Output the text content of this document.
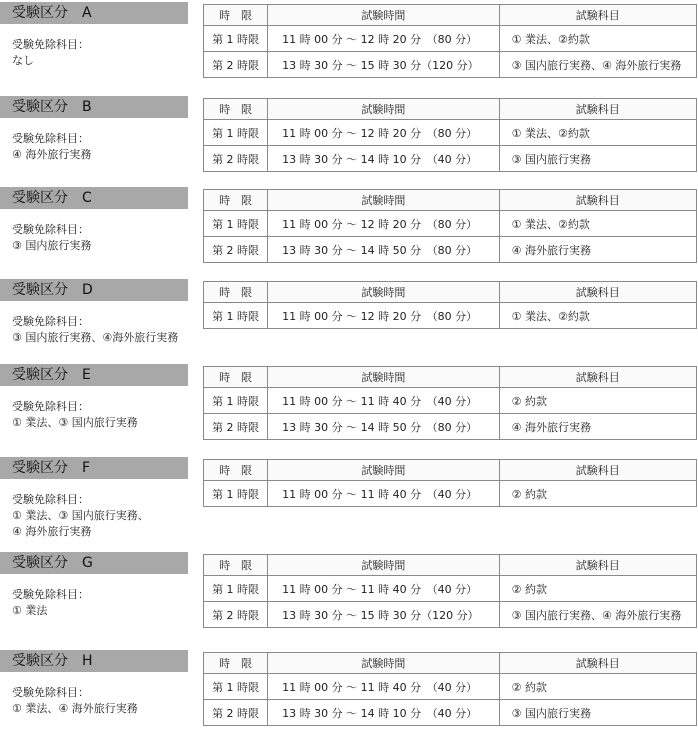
受験区分　A
受験免除科目：
なし
時　限	試験時間	試験科目
第 1 時限	11 時 00 分 ～ 12 時 20 分　（80 分）	① 業法、②約款
第 2 時限	13 時 30 分 ～ 15 時 30 分（120 分）	③ 国内旅行実務、④ 海外旅行実務
受験区分　B
受験免除科目：
④ 海外旅行実務
時　限	試験時間	試験科目
第 1 時限	11 時 00 分 ～ 12 時 20 分　（80 分）	① 業法、②約款
第 2 時限	13 時 30 分 ～ 14 時 10 分　（40 分）	③ 国内旅行実務
受験区分　C
受験免除科目：
③ 国内旅行実務
時　限	試験時間	試験科目
第 1 時限	11 時 00 分 ～ 12 時 20 分　（80 分）	① 業法、②約款
第 2 時限	13 時 30 分 ～ 14 時 50 分　（80 分）	④ 海外旅行実務
受験区分　D
受験免除科目：
③ 国内旅行実務、④海外旅行実務
時　限	試験時間	試験科目
第 1 時限	11 時 00 分 ～ 12 時 20 分　（80 分）	① 業法、②約款
受験区分　E
受験免除科目：
① 業法、③ 国内旅行実務
時　限	試験時間	試験科目
第 1 時限	11 時 00 分 ～ 11 時 40 分　（40 分）	② 約款
第 2 時限	13 時 30 分 ～ 14 時 50 分　（80 分）	④ 海外旅行実務
受験区分　F
受験免除科目：
① 業法、③ 国内旅行実務、
④ 海外旅行実務
時　限	試験時間	試験科目
第 1 時限	11 時 00 分 ～ 11 時 40 分　（40 分）	② 約款
受験区分　G
受験免除科目：
① 業法
時　限	試験時間	試験科目
第 1 時限	11 時 00 分 ～ 11 時 40 分　（40 分）	② 約款
第 2 時限	13 時 30 分 ～ 15 時 30 分（120 分）	③ 国内旅行実務、④ 海外旅行実務
受験区分　H
受験免除科目：
① 業法、④ 海外旅行実務
時　限	試験時間	試験科目
第 1 時限	11 時 00 分 ～ 11 時 40 分　（40 分）	② 約款
第 2 時限	13 時 30 分 ～ 14 時 10 分　（40 分）	③ 国内旅行実務
